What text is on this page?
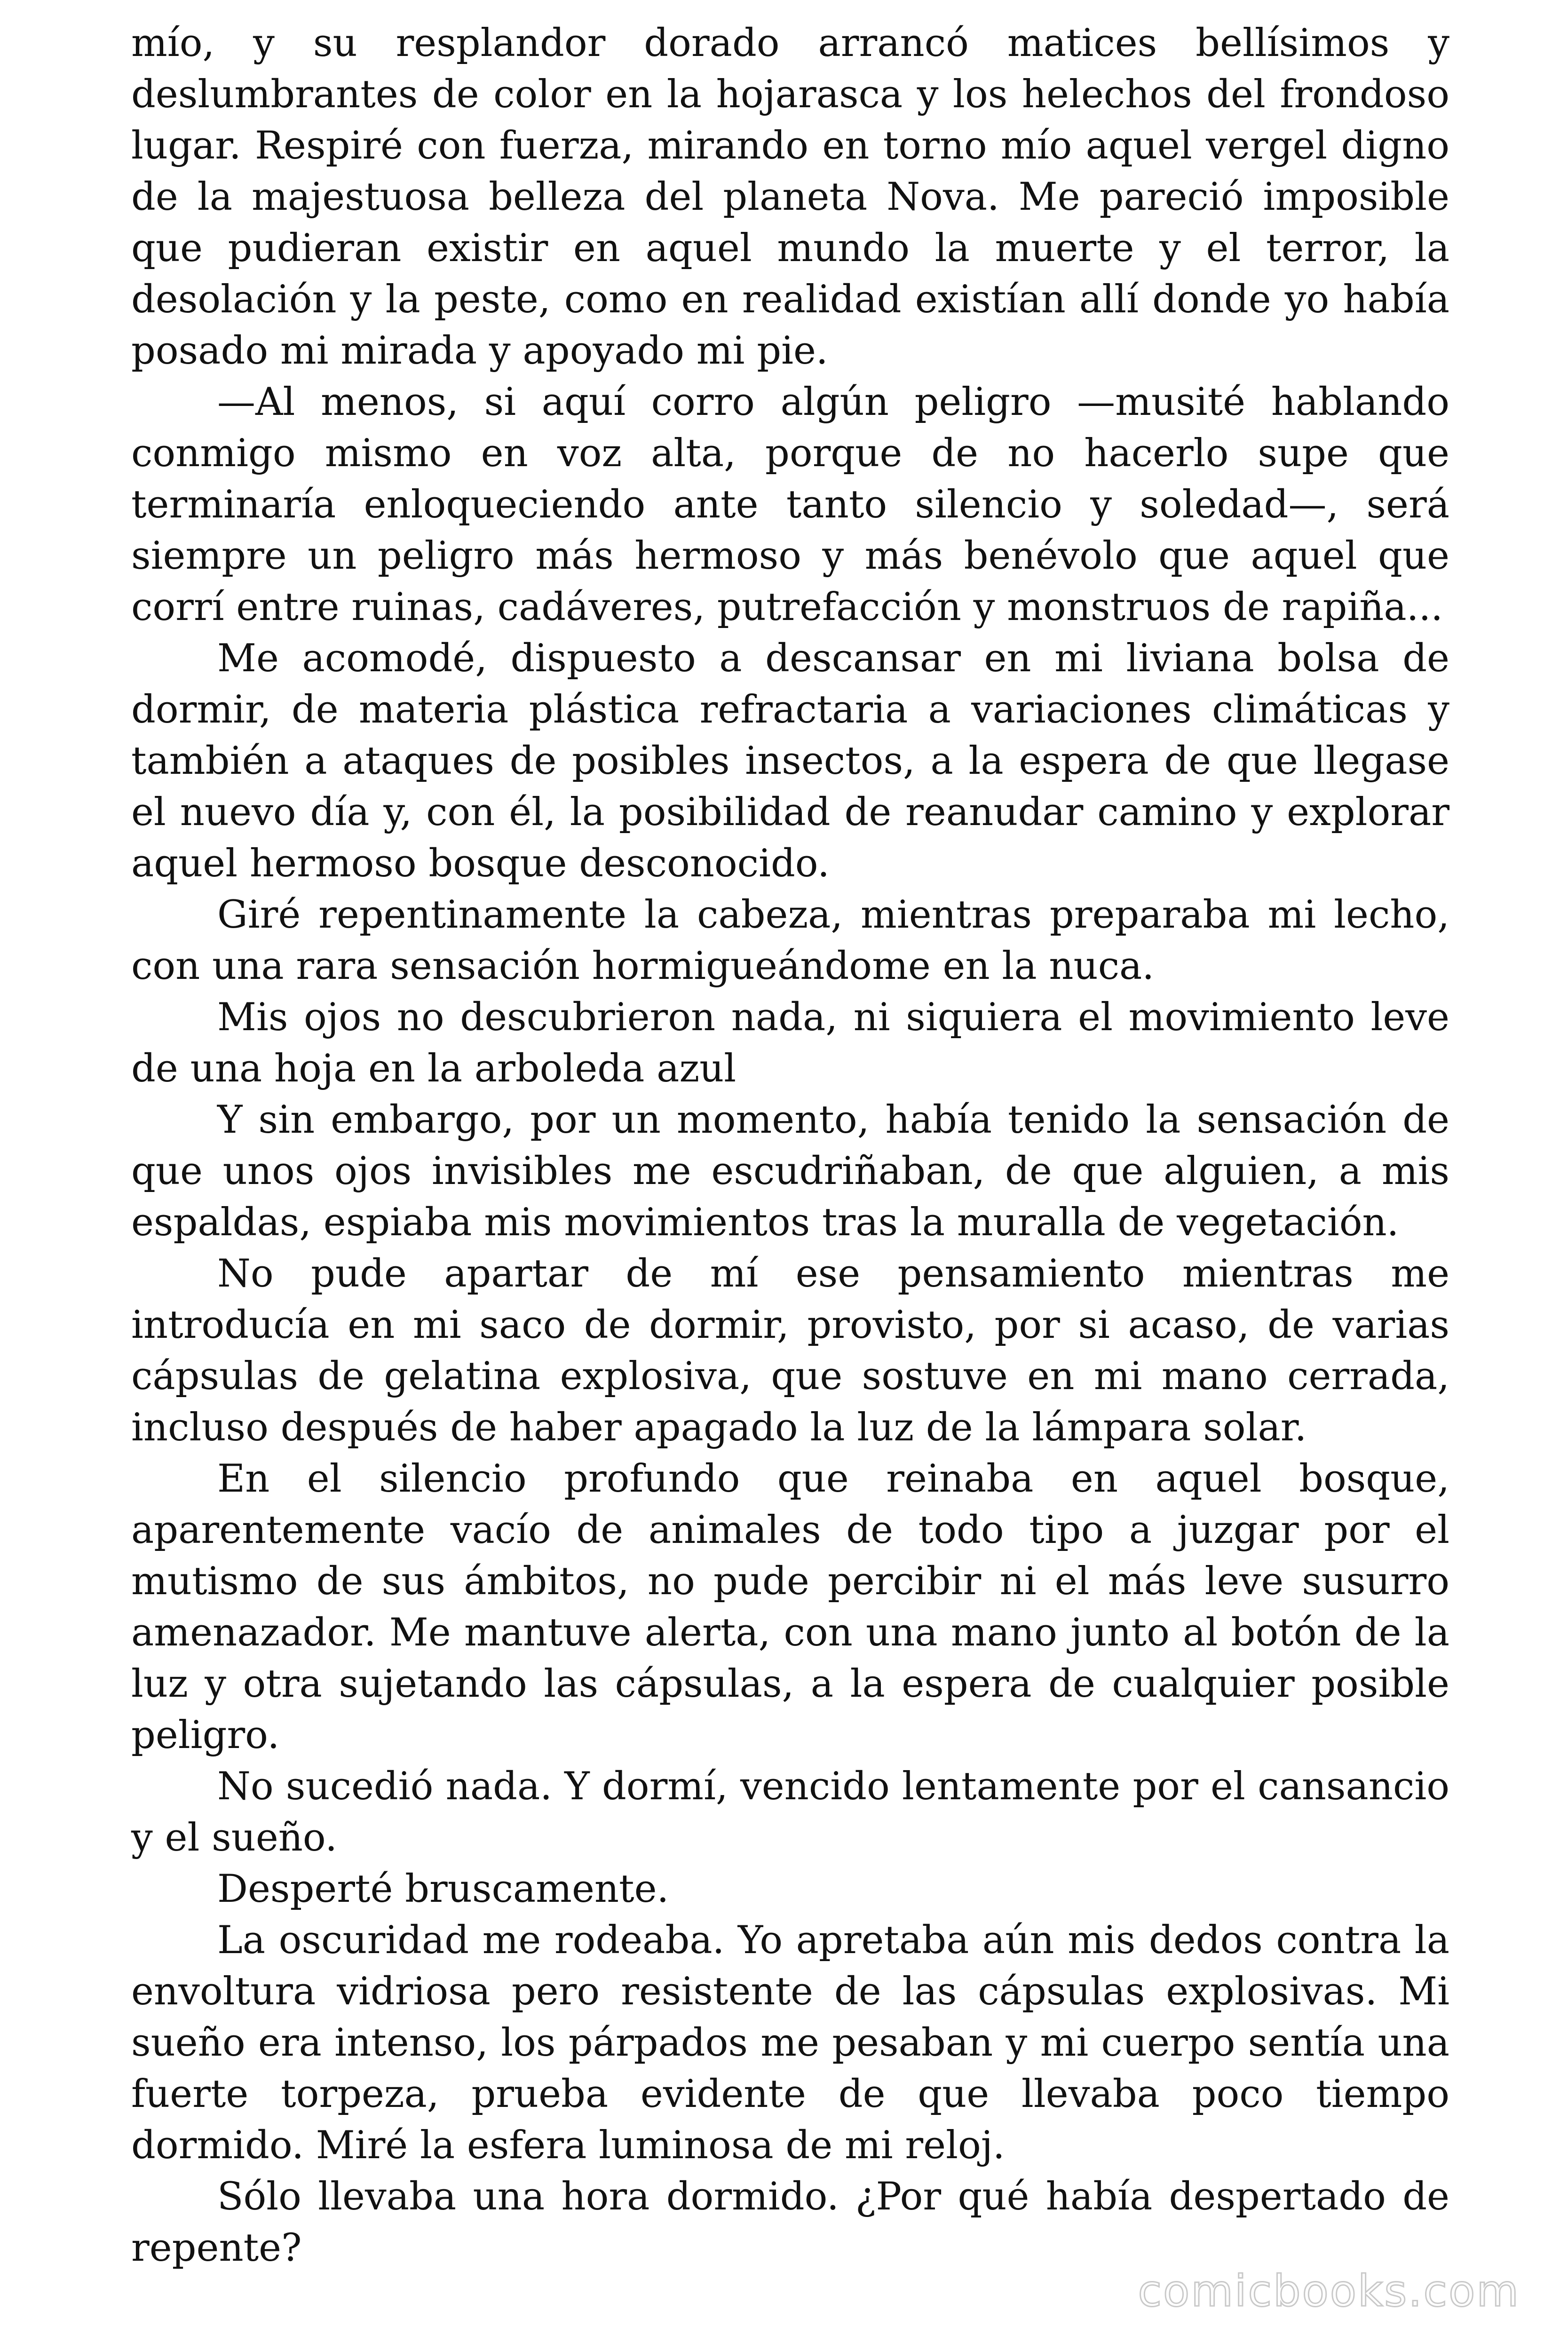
mío, y su resplandor dorado arrancó matices bellísimos y deslumbrantes de color en la hojarasca y los helechos del frondoso lugar. Respiré con fuerza, mirando en torno mío aquel vergel digno de la majestuosa belleza del planeta Nova. Me pareció imposible que pudieran existir en aquel mundo la muerte y el terror, la desolación y la peste, como en realidad existían allí donde yo había posado mi mirada y apoyado mi pie.

—Al menos, si aquí corro algún peligro —musité hablando conmigo mismo en voz alta, porque de no hacerlo supe que terminaría enloqueciendo ante tanto silencio y soledad—, será siempre un peligro más hermoso y más benévolo que aquel que corrí entre ruinas, cadáveres, putrefacción y monstruos de rapiña...

Me acomodé, dispuesto a descansar en mi liviana bolsa de dormir, de materia plástica refractaria a variaciones climáticas y también a ataques de posibles insectos, a la espera de que llegase el nuevo día y, con él, la posibilidad de reanudar camino y explorar aquel hermoso bosque desconocido.

Giré repentinamente la cabeza, mientras preparaba mi lecho, con una rara sensación hormigueándome en la nuca.

Mis ojos no descubrieron nada, ni siquiera el movimiento leve de una hoja en la arboleda azul

Y sin embargo, por un momento, había tenido la sensación de que unos ojos invisibles me escudriñaban, de que alguien, a mis espaldas, espiaba mis movimientos tras la muralla de vegetación.

No pude apartar de mí ese pensamiento mientras me introducía en mi saco de dormir, provisto, por si acaso, de varias cápsulas de gelatina explosiva, que sostuve en mi mano cerrada, incluso después de haber apagado la luz de la lámpara solar.

En el silencio profundo que reinaba en aquel bosque, aparentemente vacío de animales de todo tipo a juzgar por el mutismo de sus ámbitos, no pude percibir ni el más leve susurro amenazador. Me mantuve alerta, con una mano junto al botón de la luz y otra sujetando las cápsulas, a la espera de cualquier posible peligro.

No sucedió nada. Y dormí, vencido lentamente por el cansancio y el sueño.

Desperté bruscamente.

La oscuridad me rodeaba. Yo apretaba aún mis dedos contra la envoltura vidriosa pero resistente de las cápsulas explosivas. Mi sueño era intenso, los párpados me pesaban y mi cuerpo sentía una fuerte torpeza, prueba evidente de que llevaba poco tiempo dormido. Miré la esfera luminosa de mi reloj.

Sólo llevaba una hora dormido. ¿Por qué había despertado de repente?

comicbooks.com
